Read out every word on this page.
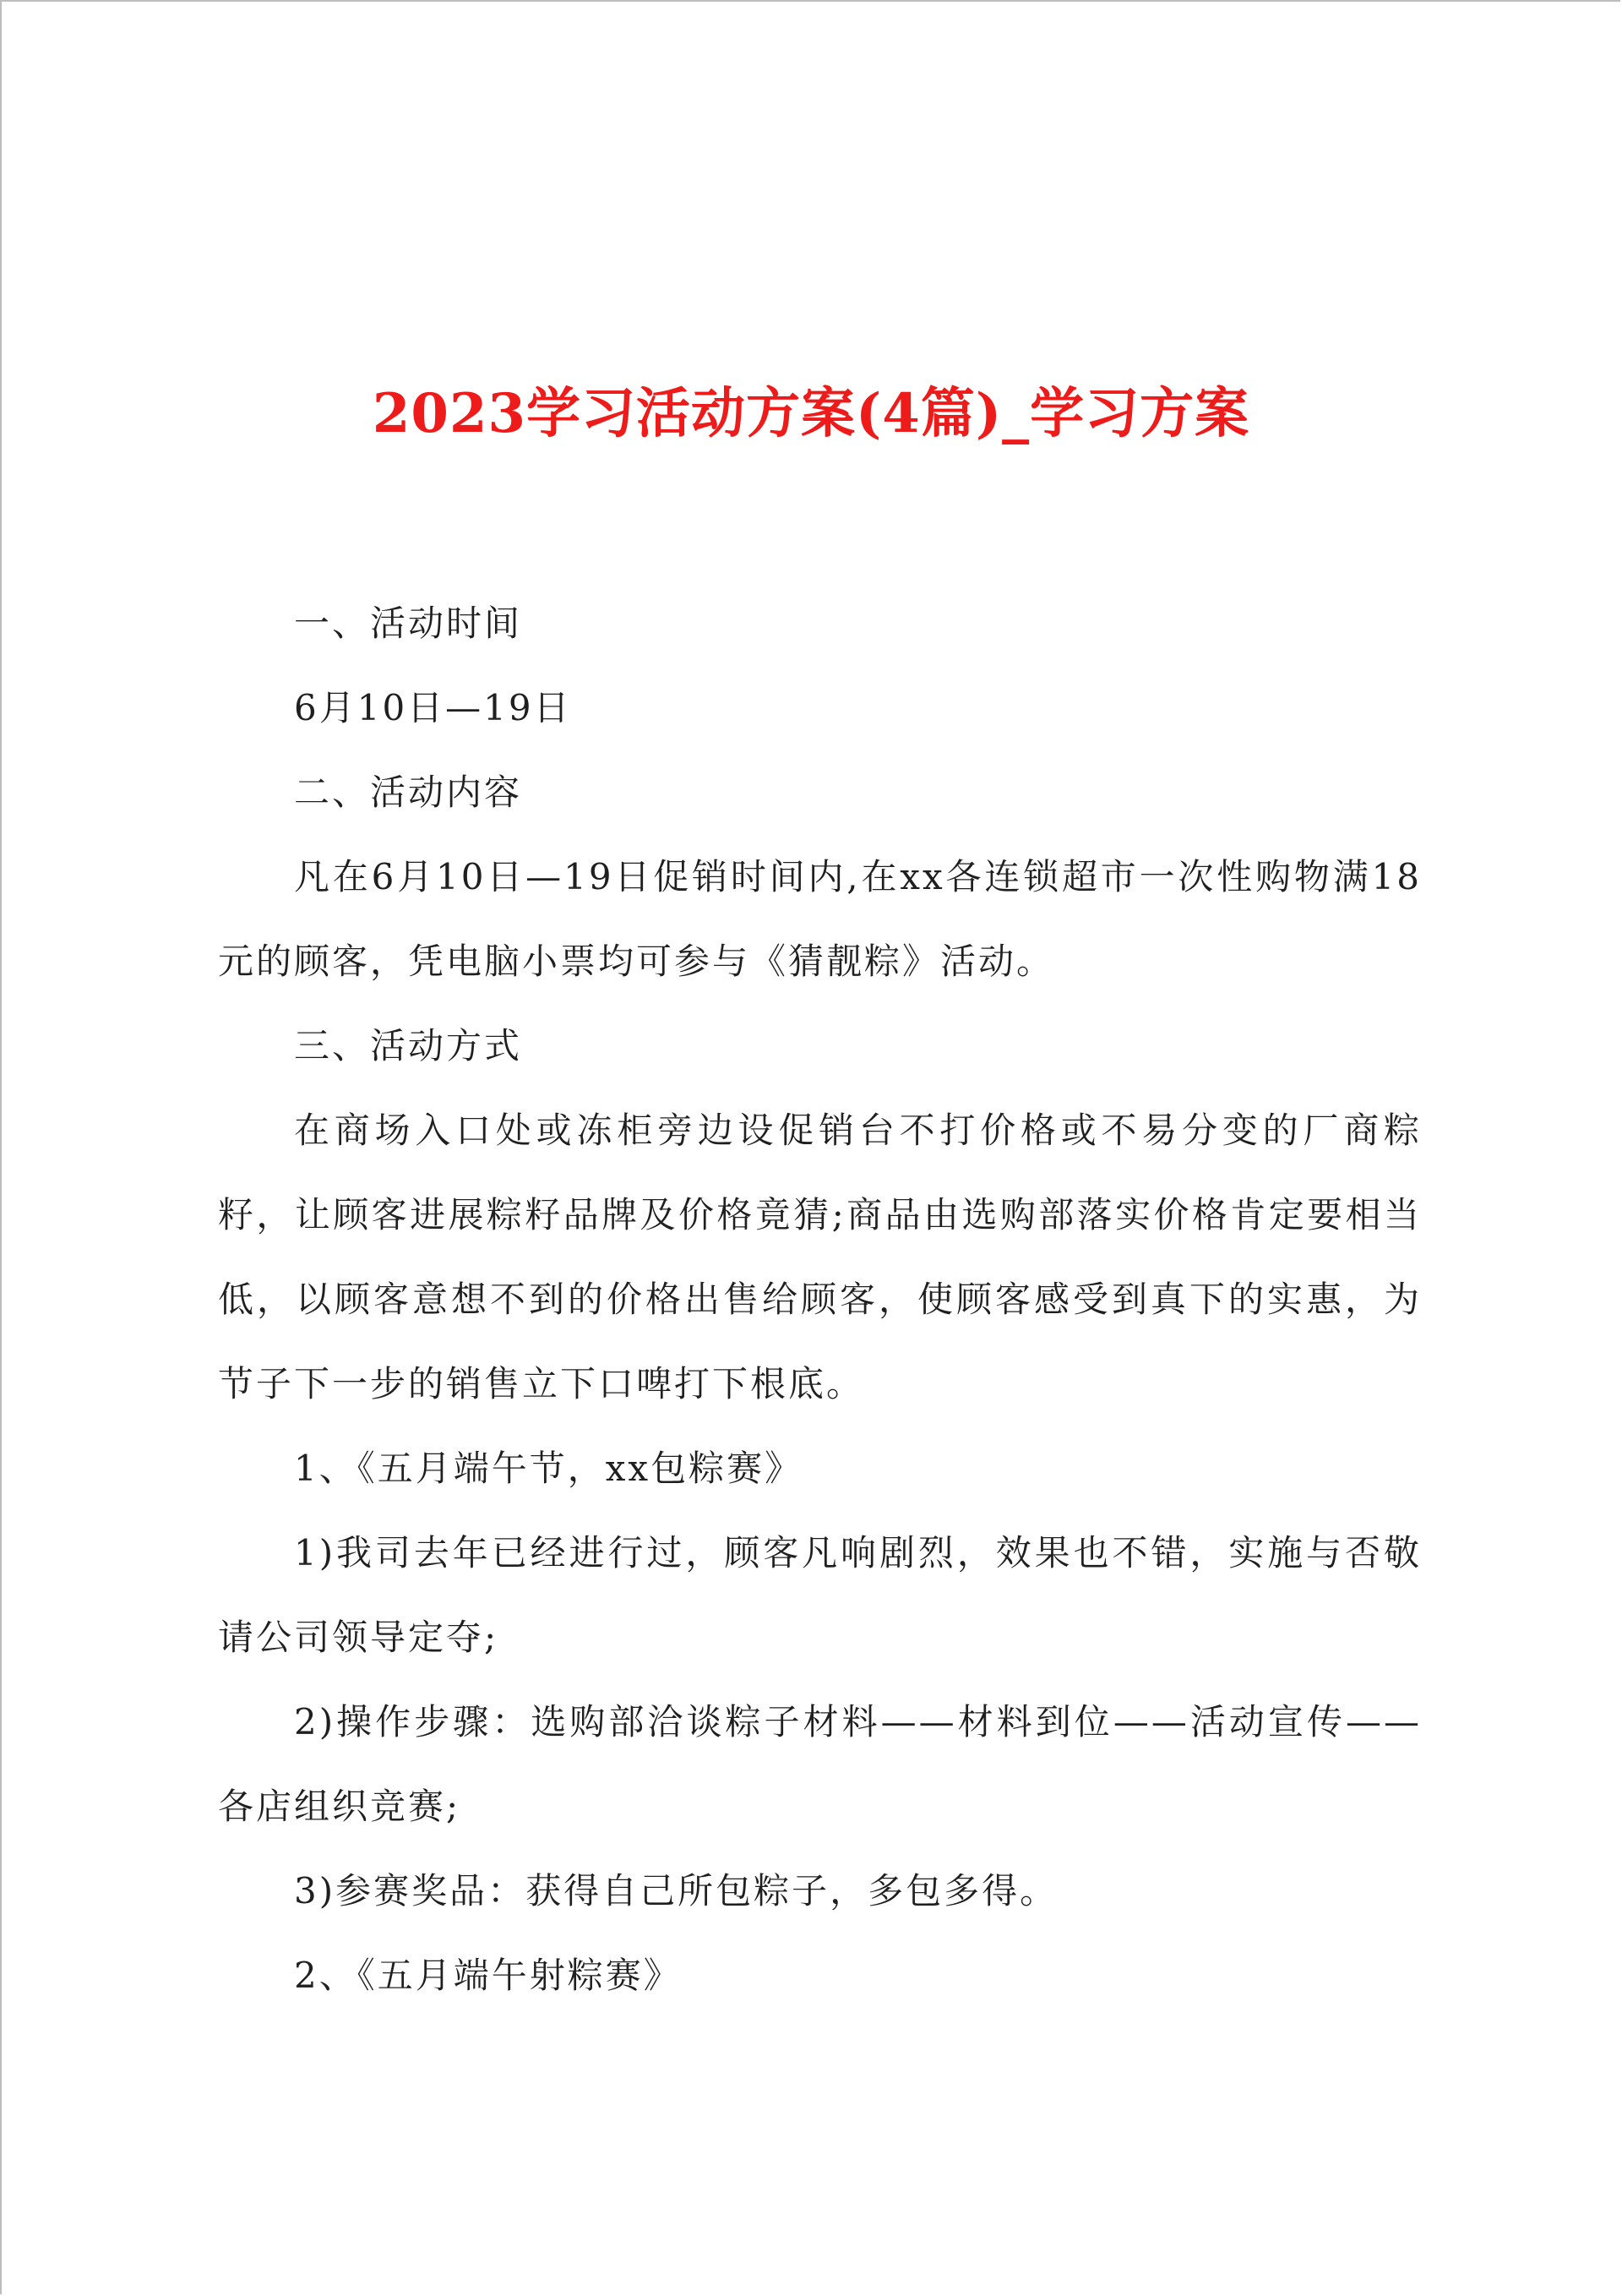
2023学习活动方案(4篇)_学习方案

一、活动时间

6月10日—19日

二、活动内容

凡在6月10日—19日促销时间内,在xx各连锁超市一次性购物满18元的顾客，凭电脑小票均可参与《猜靓粽》活动。

三、活动方式

在商场入口处或冻柜旁边设促销台不打价格或不易分变的厂商粽籽，让顾客进展粽籽品牌及价格竟猜;商品由选购部落实价格肯定要相当低，以顾客意想不到的价格出售给顾客，使顾客感受到真下的实惠，为节子下一步的销售立下口啤打下根底。

1、《五月端午节，xx包粽赛》

1)我司去年已经进行过，顾客凡响剧烈，效果也不错，实施与否敬请公司领导定夺;

2)操作步骤：选购部洽谈粽子材料——材料到位——活动宣传——各店组织竞赛;

3)参赛奖品：获得自己所包粽子，多包多得。

2、《五月端午射粽赛》
